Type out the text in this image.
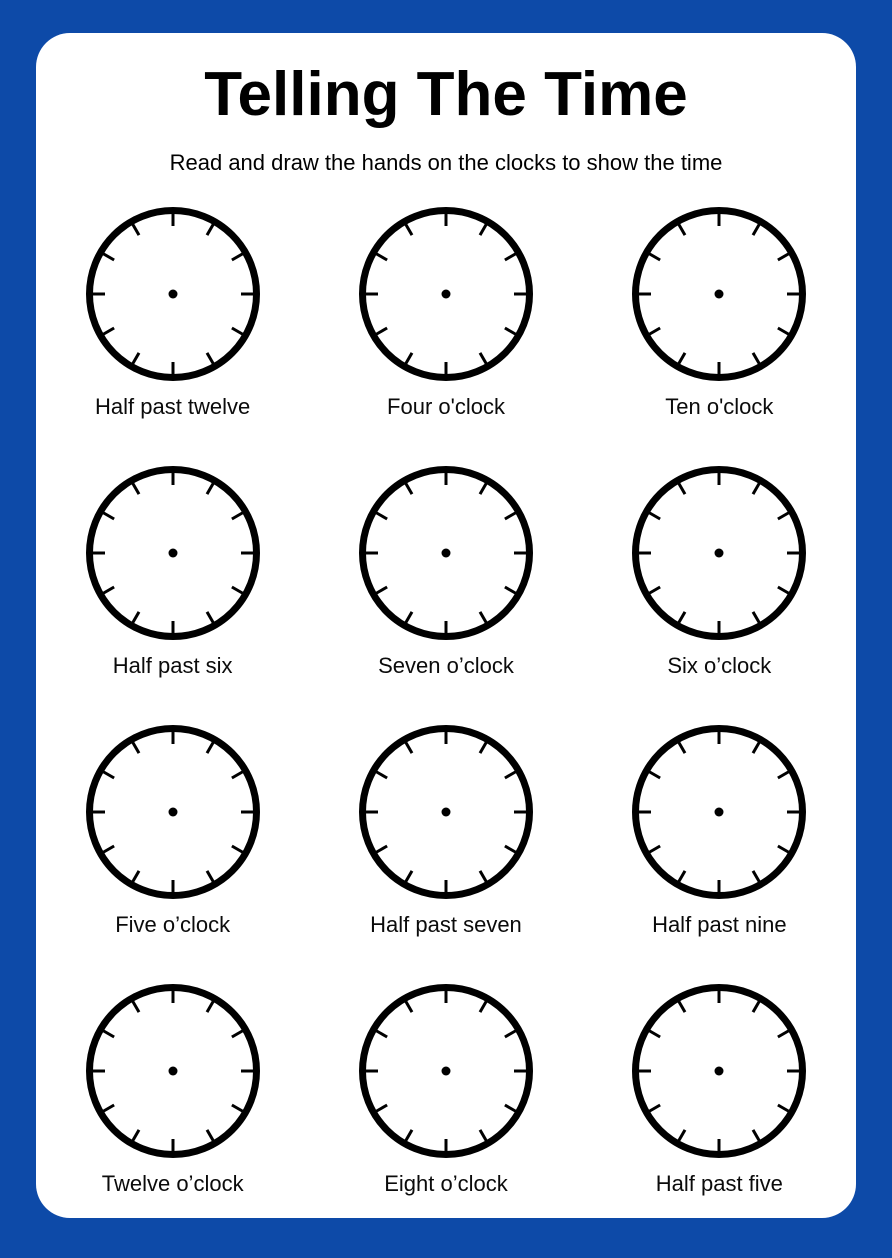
Telling The Time

Read and draw the hands on the clocks to show the time

Half past twelve	Four o'clock	Ten o'clock
Half past six	Seven o’clock	Six o’clock
Five o’clock	Half past seven	Half past nine
Twelve o’clock	Eight o’clock	Half past five
